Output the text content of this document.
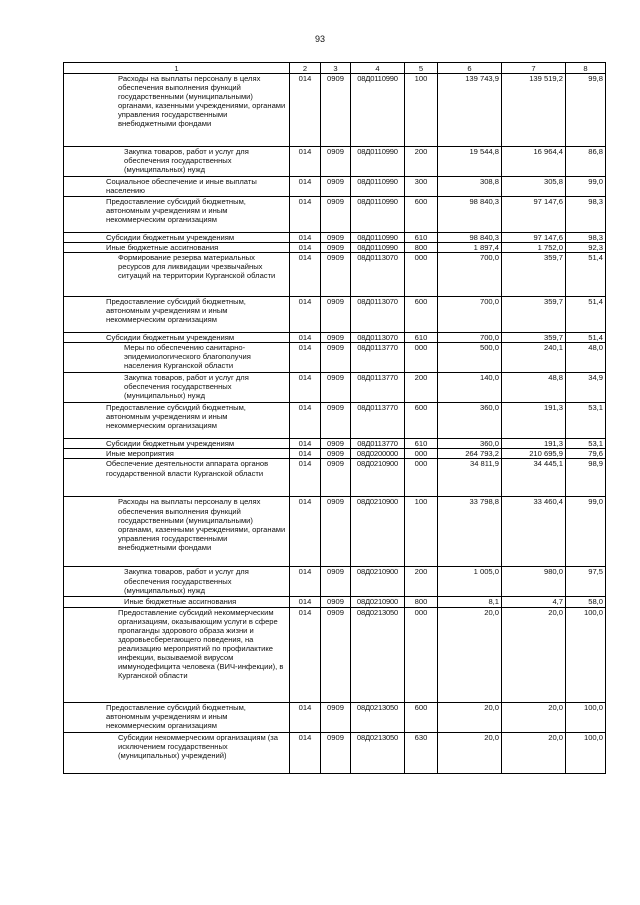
93
1	2	3	4	5	6	7	8

Расходы на выплаты персоналу в целях обеспечения выполнения функций государственными (муниципальными) органами, казенными учреждениями, органами управления государственными внебюджетными фондами	014	0909	08Д0110990	100	139 743,9	139 519,2	99,8

Закупка товаров, работ и услуг для обеспечения государственных (муниципальных) нужд	014	0909	08Д0110990	200	19 544,8	16 964,4	86,8

Социальное обеспечение и иные выплаты населению	014	0909	08Д0110990	300	308,8	305,8	99,0

Предоставление субсидий бюджетным, автономным учреждениям и иным некоммерческим организациям	014	0909	08Д0110990	600	98 840,3	97 147,6	98,3

Субсидии бюджетным учреждениям	014	0909	08Д0110990	610	98 840,3	97 147,6	98,3

Иные бюджетные ассигнования	014	0909	08Д0110990	800	1 897,4	1 752,0	92,3

Формирование резерва материальных ресурсов для ликвидации чрезвычайных ситуаций на территории Курганской области	014	0909	08Д0113070	000	700,0	359,7	51,4

Предоставление субсидий бюджетным, автономным учреждениям и иным некоммерческим организациям	014	0909	08Д0113070	600	700,0	359,7	51,4

Субсидии бюджетным учреждениям	014	0909	08Д0113070	610	700,0	359,7	51,4

Меры по обеспечению санитарно-эпидемиологического благополучия населения Курганской области	014	0909	08Д0113770	000	500,0	240,1	48,0

Закупка товаров, работ и услуг для обеспечения государственных (муниципальных) нужд	014	0909	08Д0113770	200	140,0	48,8	34,9

Предоставление субсидий бюджетным, автономным учреждениям и иным некоммерческим организациям	014	0909	08Д0113770	600	360,0	191,3	53,1

Субсидии бюджетным учреждениям	014	0909	08Д0113770	610	360,0	191,3	53,1

Иные мероприятия	014	0909	08Д0200000	000	264 793,2	210 695,9	79,6

Обеспечение деятельности аппарата органов государственной власти Курганской области	014	0909	08Д0210900	000	34 811,9	34 445,1	98,9

Расходы на выплаты персоналу в целях обеспечения выполнения функций государственными (муниципальными) органами, казенными учреждениями, органами управления государственными внебюджетными фондами	014	0909	08Д0210900	100	33 798,8	33 460,4	99,0

Закупка товаров, работ и услуг для обеспечения государственных (муниципальных) нужд	014	0909	08Д0210900	200	1 005,0	980,0	97,5

Иные бюджетные ассигнования	014	0909	08Д0210900	800	8,1	4,7	58,0

Предоставление субсидий некоммерческим организациям, оказывающим услуги в сфере пропаганды здорового образа жизни и здоровьесберегающего поведения, на реализацию мероприятий по профилактике инфекции, вызываемой вирусом иммунодефицита человека (ВИЧ-инфекции), в Курганской области	014	0909	08Д0213050	000	20,0	20,0	100,0

Предоставление субсидий бюджетным, автономным учреждениям и иным некоммерческим организациям	014	0909	08Д0213050	600	20,0	20,0	100,0

Субсидии некоммерческим организациям (за исключением государственных (муниципальных) учреждений)	014	0909	08Д0213050	630	20,0	20,0	100,0
